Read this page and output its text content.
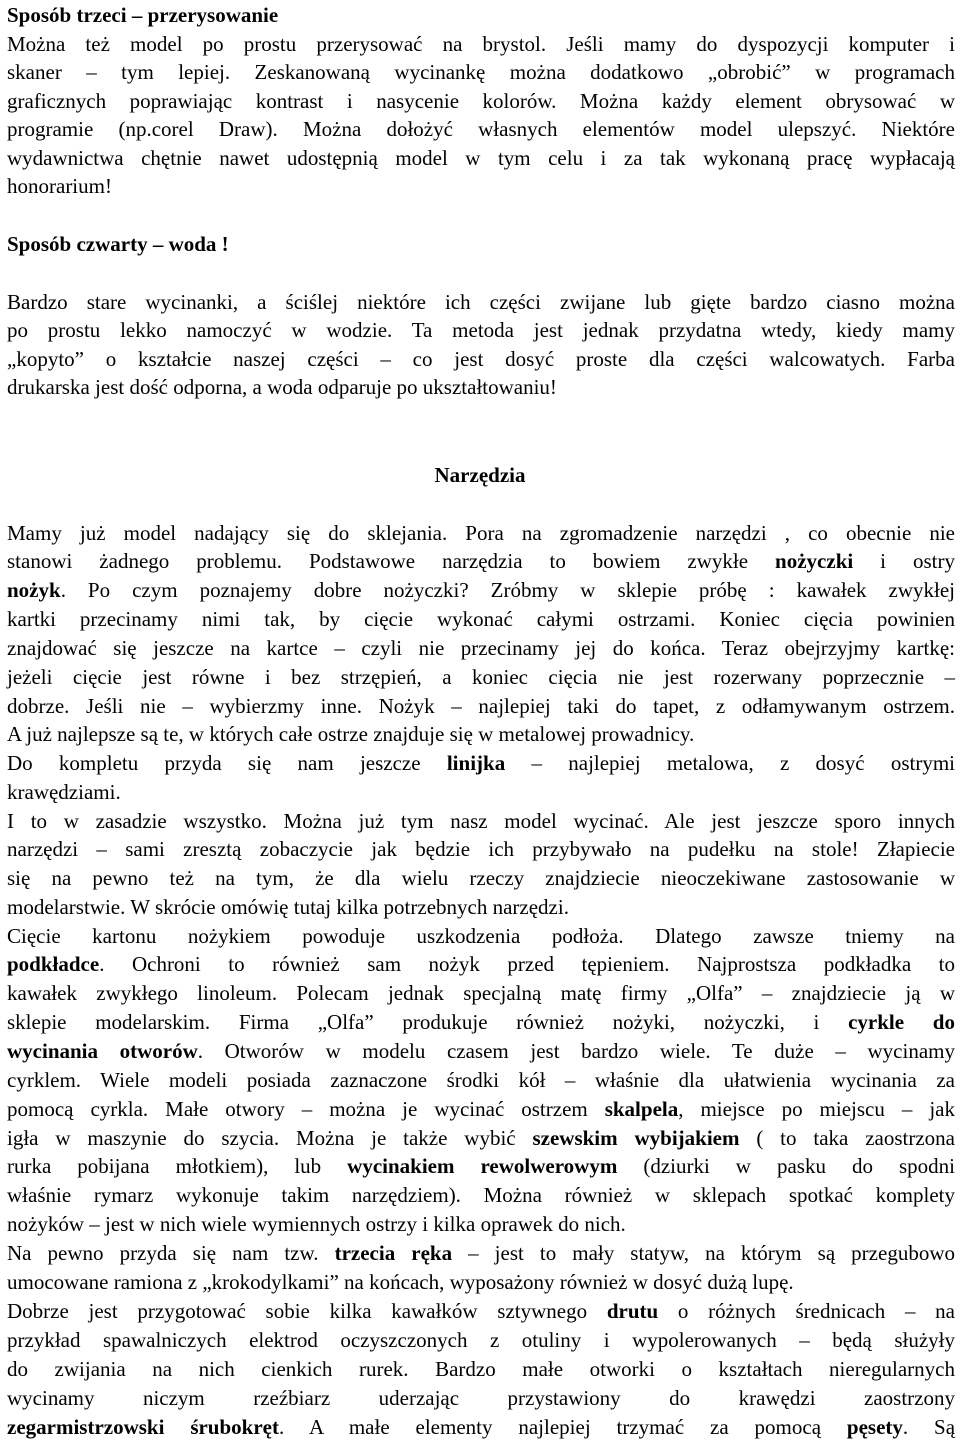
Sposób trzeci – przerysowanie
Można też model po prostu przerysować na brystol. Jeśli mamy do dyspozycji komputer i
skaner – tym lepiej. Zeskanowaną wycinankę można dodatkowo „obrobić” w programach
graficznych poprawiając kontrast i nasycenie kolorów. Można każdy element obrysować w
programie (np.corel Draw). Można dołożyć własnych elementów model ulepszyć. Niektóre
wydawnictwa chętnie nawet udostępnią model w tym celu i za tak wykonaną pracę wypłacają
honorarium!
Sposób czwarty – woda !
Bardzo stare wycinanki, a ściślej niektóre ich części zwijane lub gięte bardzo ciasno można
po prostu lekko namoczyć w wodzie. Ta metoda jest jednak przydatna wtedy, kiedy mamy
„kopyto” o kształcie naszej części – co jest dosyć proste dla części walcowatych. Farba
drukarska jest dość odporna, a woda odparuje po ukształtowaniu!
Narzędzia
Mamy już model nadający się do sklejania. Pora na zgromadzenie narzędzi , co obecnie nie
stanowi żadnego problemu. Podstawowe narzędzia to bowiem zwykłe nożyczki i ostry
nożyk. Po czym poznajemy dobre nożyczki? Zróbmy w sklepie próbę : kawałek zwykłej
kartki przecinamy nimi tak, by cięcie wykonać całymi ostrzami. Koniec cięcia powinien
znajdować się jeszcze na kartce – czyli nie przecinamy jej do końca. Teraz obejrzyjmy kartkę:
jeżeli cięcie jest równe i bez strzępień, a koniec cięcia nie jest rozerwany poprzecznie –
dobrze. Jeśli nie – wybierzmy inne. Nożyk – najlepiej taki do tapet, z odłamywanym ostrzem.
A już najlepsze są te, w których całe ostrze znajduje się w metalowej prowadnicy.
Do kompletu przyda się nam jeszcze linijka – najlepiej metalowa, z dosyć ostrymi
krawędziami.
I to w zasadzie wszystko. Można już tym nasz model wycinać. Ale jest jeszcze sporo innych
narzędzi – sami zresztą zobaczycie jak będzie ich przybywało na pudełku na stole! Złapiecie
się na pewno też na tym, że dla wielu rzeczy znajdziecie nieoczekiwane zastosowanie w
modelarstwie. W skrócie omówię tutaj kilka potrzebnych narzędzi.
Cięcie kartonu nożykiem powoduje uszkodzenia podłoża. Dlatego zawsze tniemy na
podkładce. Ochroni to również sam nożyk przed tępieniem. Najprostsza podkładka to
kawałek zwykłego linoleum. Polecam jednak specjalną matę firmy „Olfa” – znajdziecie ją w
sklepie modelarskim. Firma „Olfa” produkuje również nożyki, nożyczki, i cyrkle do
wycinania otworów. Otworów w modelu czasem jest bardzo wiele. Te duże – wycinamy
cyrklem. Wiele modeli posiada zaznaczone środki kół – właśnie dla ułatwienia wycinania za
pomocą cyrkla. Małe otwory – można je wycinać ostrzem skalpela, miejsce po miejscu – jak
igła w maszynie do szycia. Można je także wybić szewskim wybijakiem ( to taka zaostrzona
rurka pobijana młotkiem), lub wycinakiem rewolwerowym (dziurki w pasku do spodni
właśnie rymarz wykonuje takim narzędziem). Można również w sklepach spotkać komplety
nożyków – jest w nich wiele wymiennych ostrzy i kilka oprawek do nich.
Na pewno przyda się nam tzw. trzecia ręka – jest to mały statyw, na którym są przegubowo
umocowane ramiona z „krokodylkami” na końcach, wyposażony również w dosyć dużą lupę.
Dobrze jest przygotować sobie kilka kawałków sztywnego drutu o różnych średnicach – na
przykład spawalniczych elektrod oczyszczonych z otuliny i wypolerowanych – będą służyły
do zwijania na nich cienkich rurek. Bardzo małe otworki o kształtach nieregularnych
wycinamy niczym rzeźbiarz uderzając przystawiony do krawędzi zaostrzony
zegarmistrzowski śrubokręt. A małe elementy najlepiej trzymać za pomocą pęsety. Są
